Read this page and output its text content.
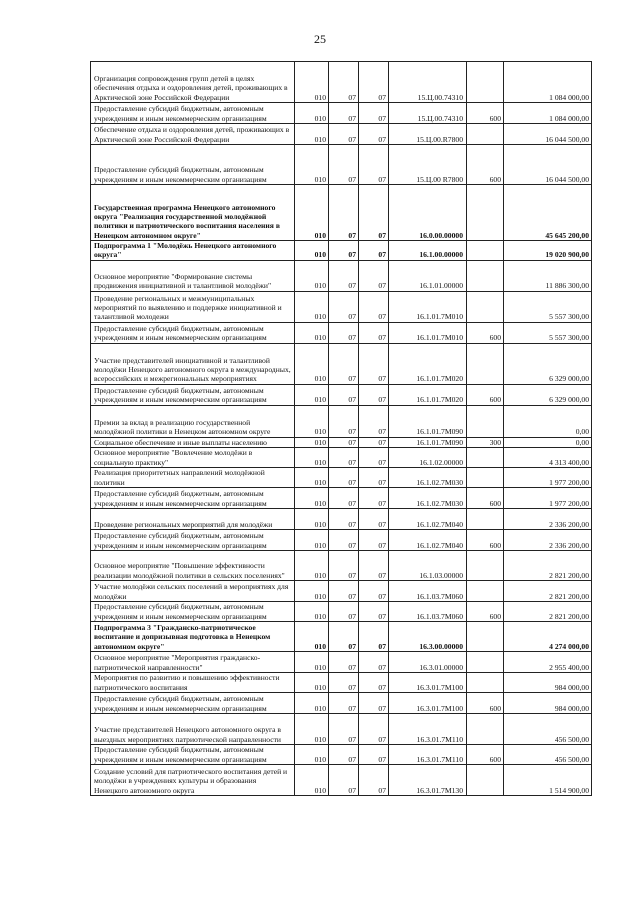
25
Организация сопровождения групп детей в целях обеспечения отдыха и оздоровления детей, проживающих в Арктической зоне Российской Федерации	010	07	07	15.Ц.00.74310		1 084 000,00
Предоставление субсидий бюджетным, автономным учреждениям и иным некоммерческим организациям	010	07	07	15.Ц.00.74310	600	1 084 000,00
Обеспечение отдыха и оздоровления детей, проживающих в Арктической зоне Российской Федерации	010	07	07	15.Ц.00.R7800		16 044 500,00
Предоставление субсидий бюджетным, автономным учреждениям и иным некоммерческим организациям	010	07	07	15.Ц.00 R7800	600	16 044 500,00
Государственная программа Ненецкого автономного округа "Реализация государственной молодёжной политики и патриотического воспитания населения в Ненецком автономном округе"	010	07	07	16.0.00.00000		45 645 200,00
Подпрограмма 1 "Молодёжь Ненецкого автономного округа"	010	07	07	16.1.00.00000		19 020 900,00
Основное мероприятие "Формирование системы продвижения инициативной и талантливой молодёжи"	010	07	07	16.1.01.00000		11 886 300,00
Проведение региональных и межмуниципальных мероприятий по выявлению и поддержке инициативной и талантливой молодежи	010	07	07	16.1.01.7М010		5 557 300,00
Предоставление субсидий бюджетным, автономным учреждениям и иным некоммерческим организациям	010	07	07	16.1.01.7М010	600	5 557 300,00
Участие представителей инициативной и талантливой молодёжи Ненецкого автономного округа в международных, всероссийских и межрегиональных мероприятиях	010	07	07	16.1.01.7М020		6 329 000,00
Предоставление субсидий бюджетным, автономным учреждениям и иным некоммерческим организациям	010	07	07	16.1.01.7М020	600	6 329 000,00
Премии за вклад в реализацию государственной молодёжной политики в Ненецком автономном округе	010	07	07	16.1.01.7М090		0,00
Социальное обеспечение и иные выплаты населению	010	07	07	16.1.01.7М090	300	0,00
Основное мероприятие "Вовлечение молодёжи в социальную практику"	010	07	07	16.1.02.00000		4 313 400,00
Реализация приоритетных направлений молодёжной политики	010	07	07	16.1.02.7М030		1 977 200,00
Предоставление субсидий бюджетным, автономным учреждениям и иным некоммерческим организациям	010	07	07	16.1.02.7М030	600	1 977 200,00
Проведение региональных мероприятий для молодёжи	010	07	07	16.1.02.7М040		2 336 200,00
Предоставление субсидий бюджетным, автономным учреждениям и иным некоммерческим организациям	010	07	07	16.1.02.7М040	600	2 336 200,00
Основное мероприятие "Повышение эффективности реализации молодёжной политики в сельских поселениях"	010	07	07	16.1.03.00000		2 821 200,00
Участие молодёжи сельских поселений в мероприятиях для молодёжи	010	07	07	16.1.03.7М060		2 821 200,00
Предоставление субсидий бюджетным, автономным учреждениям и иным некоммерческим организациям	010	07	07	16.1.03.7М060	600	2 821 200,00
Подпрограмма 3 "Гражданско-патриотическое воспитание и допризывная подготовка в Ненецком автономном округе"	010	07	07	16.3.00.00000		4 274 000,00
Основное мероприятие "Мероприятия гражданско-патриотической направленности"	010	07	07	16.3.01.00000		2 955 400,00
Мероприятия по развитию и повышению эффективности патриотического воспитания	010	07	07	16.3.01.7М100		984 000,00
Предоставление субсидий бюджетным, автономным учреждениям и иным некоммерческим организациям	010	07	07	16.3.01.7М100	600	984 000,00
Участие представителей Ненецкого автономного округа в выездных мероприятиях патриотической направленности	010	07	07	16.3.01.7М110		456 500,00
Предоставление субсидий бюджетным, автономным учреждениям и иным некоммерческим организациям	010	07	07	16.3.01.7М110	600	456 500,00
Создание условий для патриотического воспитания детей и молодёжи в учреждениях культуры и образования Ненецкого автономного округа	010	07	07	16.3.01.7М130		1 514 900,00
